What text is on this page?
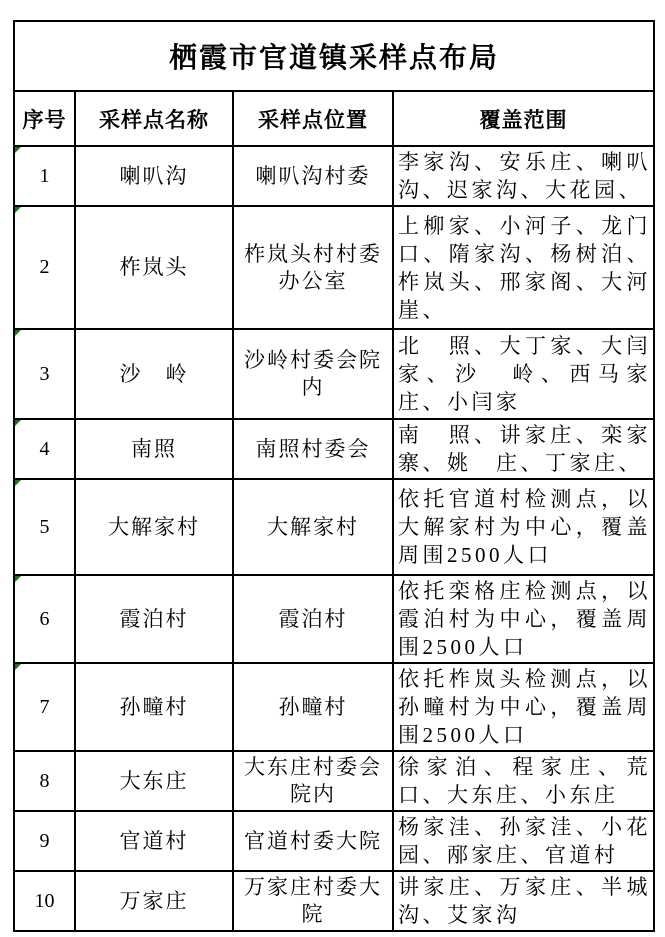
栖霞市官道镇采样点布局			
序号	采样点名称	采样点位置	覆盖范围
1	喇叭沟	喇叭沟村委	李家沟、安乐庄、喇叭沟、迟家沟、大花园、
2	柞岚头	柞岚头村村委办公室	上柳家、小河子、龙门口、隋家沟、杨树泊、柞岚头、邢家阁、大河崖、
3	沙　岭	沙岭村委会院内	北　照、大丁家、大闫家、沙　岭、西马家庄、小闫家
4	南照	南照村委会	南　照、讲家庄、栾家寨、姚　庄、丁家庄、
5	大解家村	大解家村	依托官道村检测点，以大解家村为中心，覆盖周围2500人口
6	霞泊村	霞泊村	依托栾格庄检测点，以霞泊村为中心，覆盖周围2500人口
7	孙疃村	孙疃村	依托柞岚头检测点，以孙疃村为中心，覆盖周围2500人口
8	大东庄	大东庄村委会院内	徐家泊、程家庄、荒口、大东庄、小东庄
9	官道村	官道村委大院	杨家洼、孙家洼、小花园、邴家庄、官道村
10	万家庄	万家庄村委大院	讲家庄、万家庄、半城沟、艾家沟
